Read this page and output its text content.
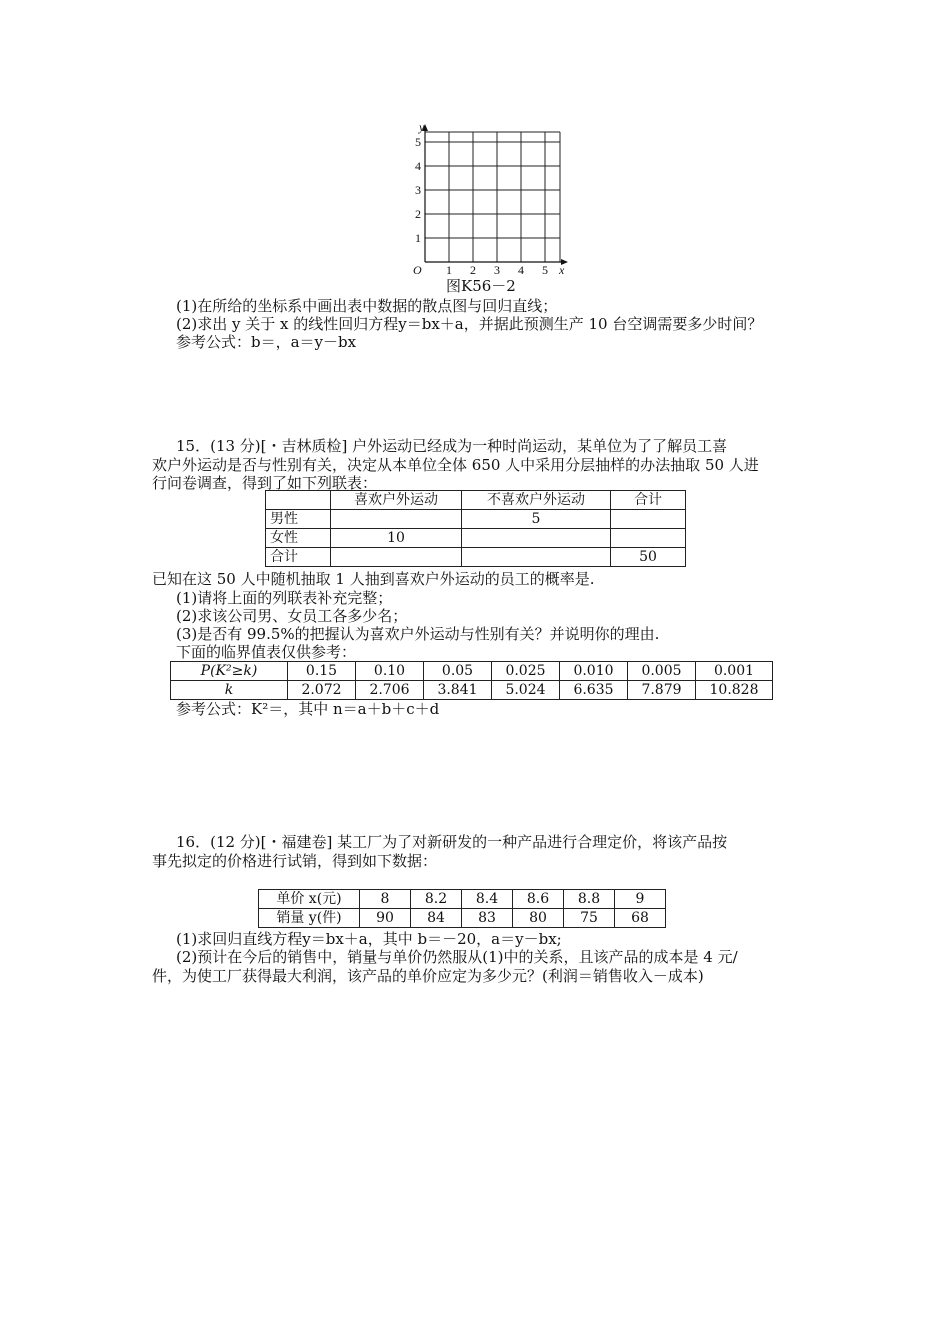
y
x
O
5
4
3
2
1
1 2 3 4 5
图K56－2
(1)在所给的坐标系中画出表中数据的散点图与回归直线；
(2)求出 y 关于 x 的线性回归方程y＝bx＋a，并据此预测生产 10 台空调需要多少时间？
参考公式：b＝，a＝y－bx
15．(13 分)[・吉林质检] 户外运动已经成为一种时尚运动，某单位为了了解员工喜
欢户外运动是否与性别有关，决定从本单位全体 650 人中采用分层抽样的办法抽取 50 人进
行问卷调查，得到了如下列联表：
	喜欢户外运动	不喜欢户外运动	合计
男性		5	
女性	10		
合计			50
已知在这 50 人中随机抽取 1 人抽到喜欢户外运动的员工的概率是.
(1)请将上面的列联表补充完整；
(2)求该公司男、女员工各多少名；
(3)是否有 99.5%的把握认为喜欢户外运动与性别有关？并说明你的理由.
下面的临界值表仅供参考：
P(K²≥k)	0.15	0.10	0.05	0.025	0.010	0.005	0.001
k	2.072	2.706	3.841	5.024	6.635	7.879	10.828
参考公式：K²＝，其中 n＝a＋b＋c＋d
16．(12 分)[・福建卷] 某工厂为了对新研发的一种产品进行合理定价，将该产品按
事先拟定的价格进行试销，得到如下数据：
单价 x(元)	8	8.2	8.4	8.6	8.8	9
销量 y(件)	90	84	83	80	75	68
(1)求回归直线方程y＝bx＋a，其中 b＝－20，a＝y－bx;
(2)预计在今后的销售中，销量与单价仍然服从(1)中的关系，且该产品的成本是 4 元/
件，为使工厂获得最大利润，该产品的单价应定为多少元？(利润＝销售收入－成本)
